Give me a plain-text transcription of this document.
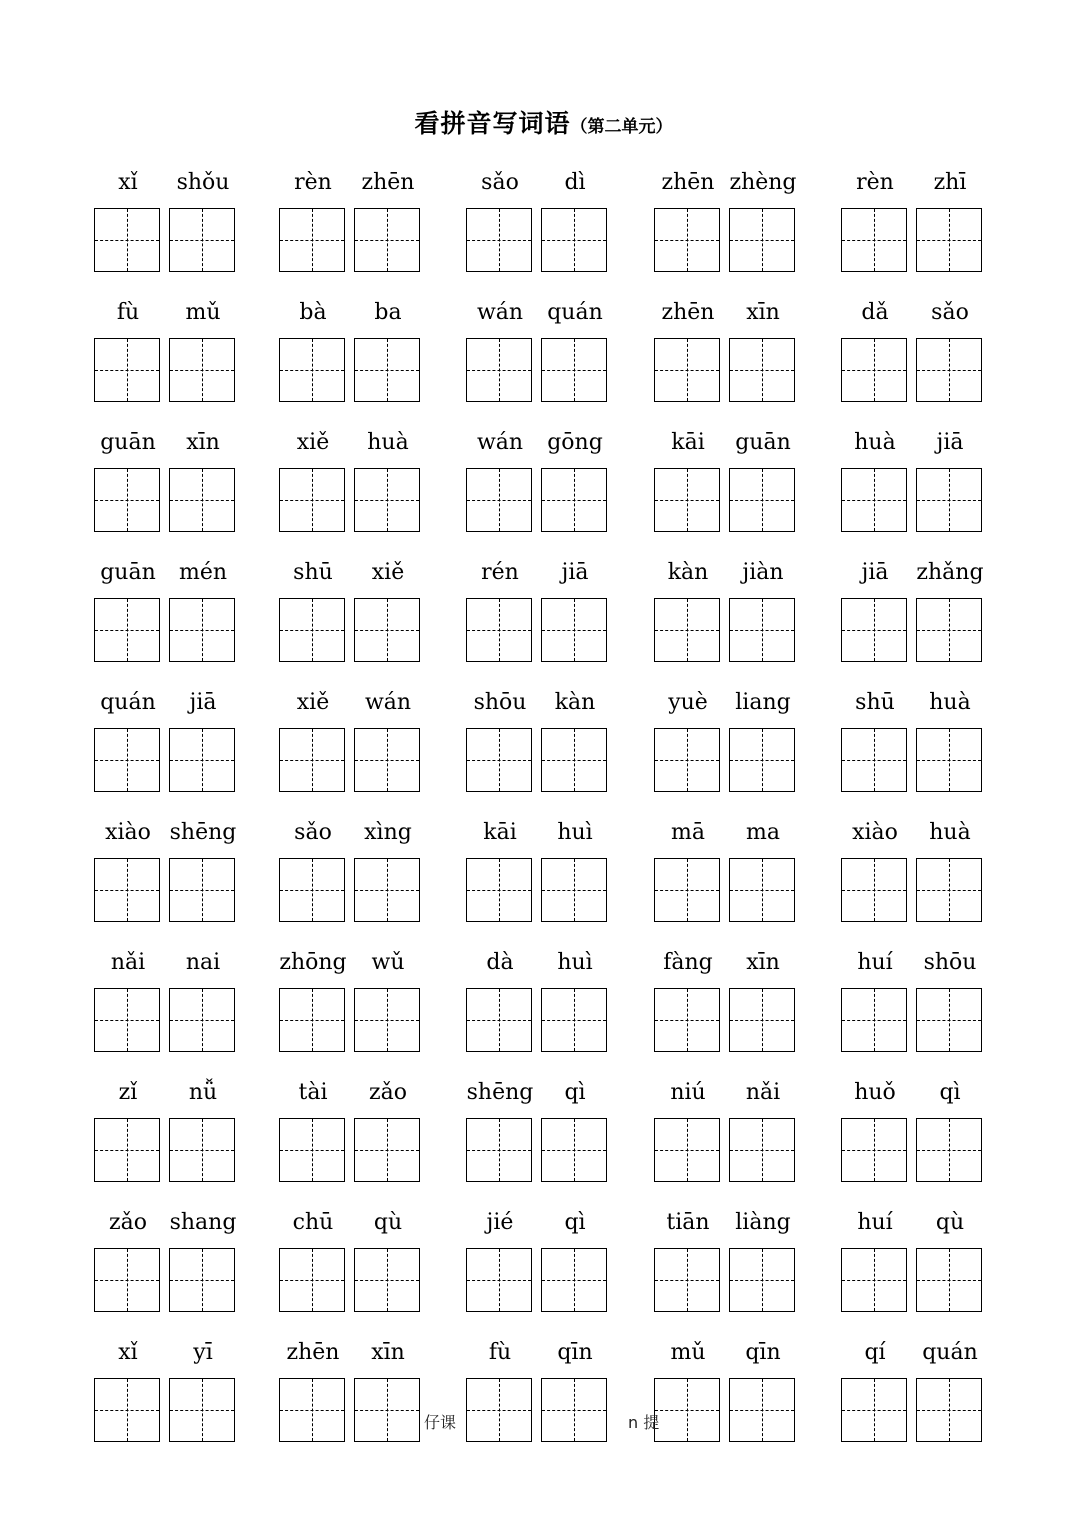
看拼音写词语（第二单元）
xǐ	shǒu	rèn	zhēn	sǎo	dì	zhēn zhèng	rèn	zhī
fù	mǔ	bà	ba	wán	quán	zhēn	xīn	dǎ	sǎo
guān	xīn	xiě	huà	wán	gōng	kāi	guān	huà	jiā
guān	mén	shū	xiě	rén	jiā	kàn	jiàn	jiā	zhǎng
quán	jiā	xiě	wán	shōu	kàn	yuè	liang	shū	huà
xiào shēng	sǎo	xìng	kāi	huì	mā	ma	xiào	huà
nǎi	nai	zhōng	wǔ	dà	huì	fàng	xīn	huí	shōu
zǐ	nǚ	tài	zǎo	shēng	qì	niú	nǎi	huǒ	qì
zǎo	shang	chū	qù	jié	qì	tiān	liàng	huí	qù
xǐ	yī	zhēn	xīn	fù	qīn	mǔ	qīn	qí	quán
仔课	n 提
